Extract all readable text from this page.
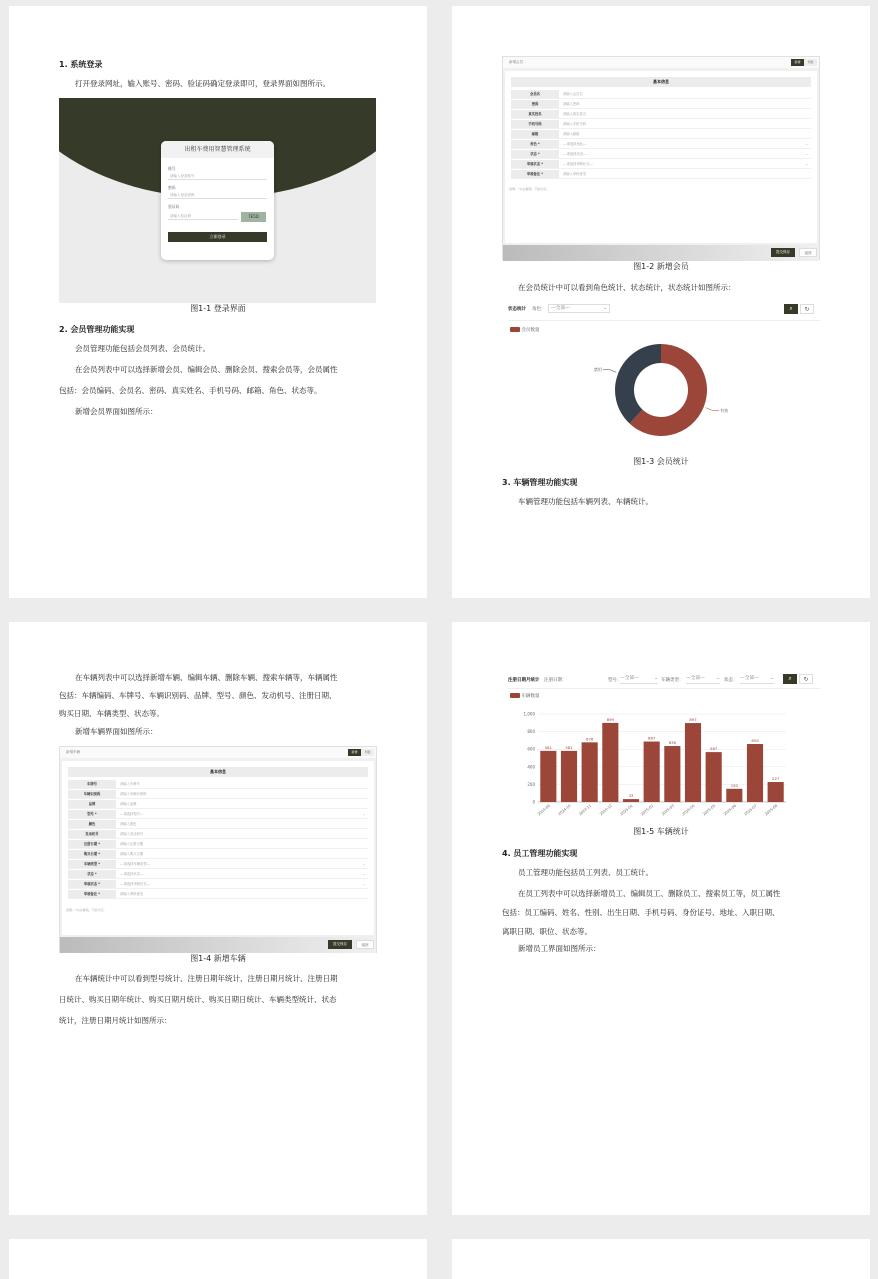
1. 系统登录
打开登录网址，输入账号、密码、验证码确定登录即可，登录界面如图所示。
出租车费用智慧管理系统
账号
请输入登录账号
密码
请输入登录密码
验证码
请输入验证码	7E5D
立即登录
图1-1 登录界面
2. 会员管理功能实现
会员管理功能包括会员列表、会员统计。
在会员列表中可以选择新增会员、编辑会员、删除会员、搜索会员等，会员属性
包括：会员编码、会员名、密码、真实姓名、手机号码、邮箱、角色、状态等。
新增会员界面如图所示：
新增会员	新增	列表
基本信息
会员名	请输入会员名
密码	请输入密码
真实姓名	请输入真实姓名
手机号码	请输入手机号码
邮箱	请输入邮箱
角色 *	---请选择角色---	⌄
状态 *	---请选择状态---	⌄
审核状态 *	---请选择审核状态---	⌄
审核备注 *	请输入审核意见
说明：*为必填项，不能为空。
提交保存	返回
图1-2 新增会员
在会员统计中可以看到角色统计、状态统计，状态统计如图所示：
状态统计 角色：	---全部---	⌄	⌕	↻
会员数量
有效
禁用
图1-3 会员统计
3. 车辆管理功能实现
车辆管理功能包括车辆列表、车辆统计。
在车辆列表中可以选择新增车辆、编辑车辆、删除车辆、搜索车辆等，车辆属性
包括：车辆编码、车牌号、车辆识别码、品牌、型号、颜色、发动机号、注册日期、
购买日期、车辆类型、状态等。
新增车辆界面如图所示：
新增车辆	新增	列表
基本信息
车牌号	请输入车牌号
车辆识别码	请输入车辆识别码
品牌	请输入品牌
型号 *	---请选择型号---	⌄
颜色	请输入颜色
发动机号	请输入发动机号
注册日期 *	请输入注册日期
购买日期 *	请输入购买日期
车辆类型 *	---请选择车辆类型---	⌄
状态 *	---请选择状态---	⌄
审核状态 *	---请选择审核状态---	⌄
审核备注 *	请输入审核意见
说明：*为必填项，不能为空。
提交保存	返回
图1-4 新增车辆
在车辆统计中可以看到型号统计、注册日期年统计、注册日期月统计、注册日期
日统计、购买日期年统计、购买日期月统计、购买日期日统计、车辆类型统计、状态
统计，注册日期月统计如图所示：
注册日期月统计 注册日期：	型号：
---全部---	⌄ 车辆类型： ---全部---	⌄ 状态： ---全部---	⌄	⌕	↻
车辆数量
0
200
400
600
800
1,000
581
2024-09
581
2024-10
678
2024-11
899
2024-12
33
2025-01
687
2025-02
636
2025-03
897
2025-04
567
2025-05
150
2025-06
659
2025-07
227
2025-08
图1-5 车辆统计
4. 员工管理功能实现
员工管理功能包括员工列表、员工统计。
在员工列表中可以选择新增员工、编辑员工、删除员工、搜索员工等，员工属性
包括：员工编码、姓名、性别、出生日期、手机号码、身份证号、地址、入职日期、
离职日期、职位、状态等。
新增员工界面如图所示：
